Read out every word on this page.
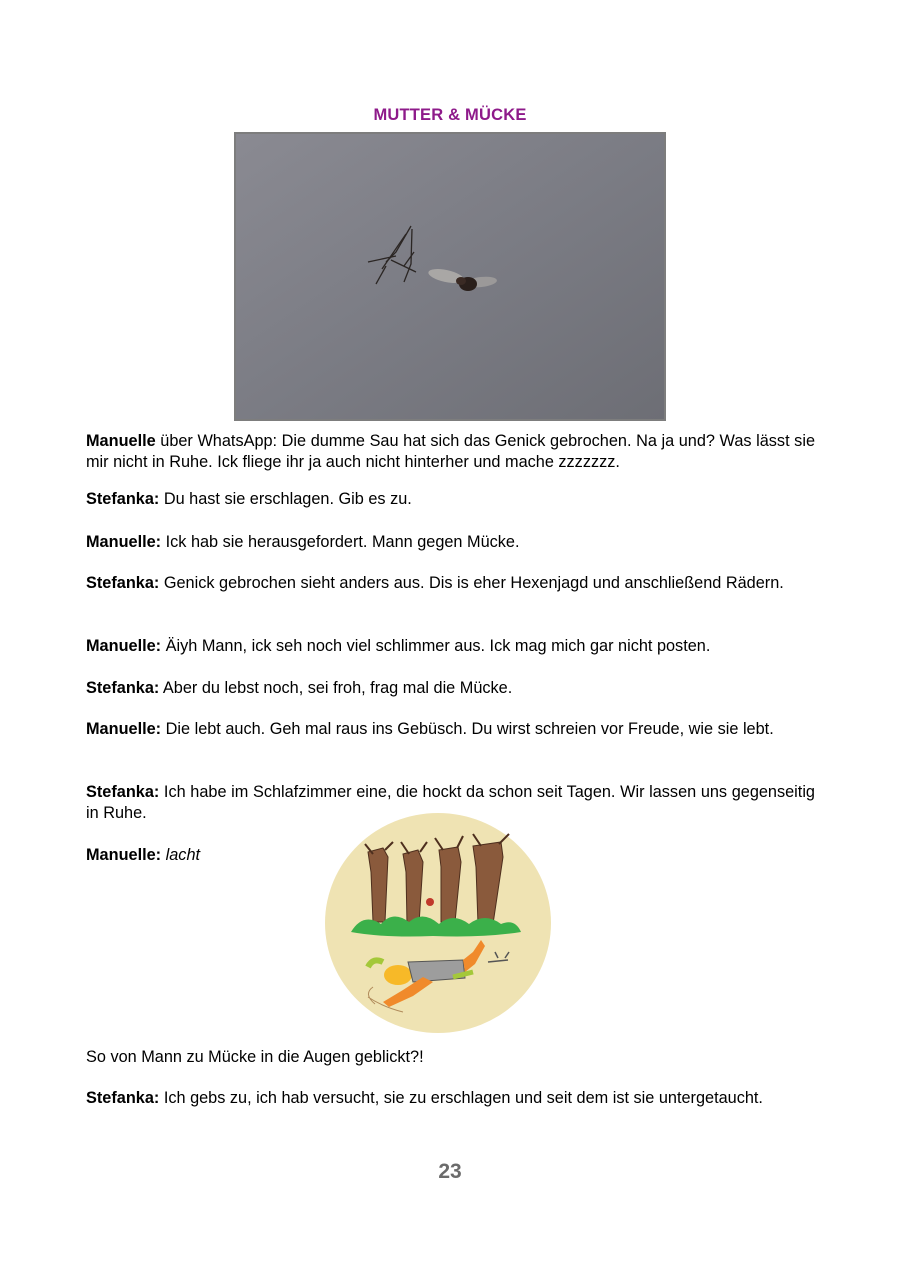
MUTTER & MÜCKE

Manuelle über WhatsApp: Die dumme Sau hat sich das Genick gebrochen. Na ja und? Was lässt sie mir nicht in Ruhe. Ick fliege ihr ja auch nicht hinterher und mache zzzzzzz.

Stefanka: Du hast sie erschlagen. Gib es zu.

Manuelle: Ick hab sie herausgefordert. Mann gegen Mücke.

Stefanka: Genick gebrochen sieht anders aus. Dis is eher Hexenjagd und anschließend Rädern.

Manuelle: Äiyh Mann, ick seh noch viel schlimmer aus. Ick mag mich gar nicht posten.

Stefanka: Aber du lebst noch, sei froh, frag mal die Mücke.

Manuelle: Die lebt auch. Geh mal raus ins Gebüsch. Du wirst schreien vor Freude, wie sie lebt.

Stefanka: Ich habe im Schlafzimmer eine, die hockt da schon seit Tagen. Wir lassen uns gegenseitig in Ruhe.

Manuelle: lacht

So von Mann zu Mücke in die Augen geblickt?!

Stefanka: Ich gebs zu, ich hab versucht, sie zu erschlagen und seit dem ist sie untergetaucht.

23
